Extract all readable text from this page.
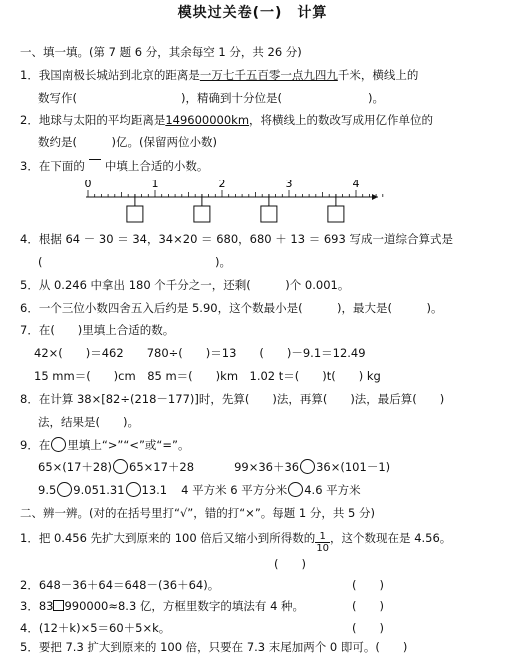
模块过关卷(一)　计算
一、填一填。(第 7 题 6 分，其余每空 1 分，共 26 分)
1．我国南极长城站到北京的距离是一万七千五百零一点九四九千米，横线上的
数写作(	)，精确到十分位是(	)。
2．地球与太阳的平均距离是149600000km，将横线上的数改写成用亿作单位的
数约是(　　　)亿。(保留两位小数)
3．在下面的 中填上合适的小数。
0	1	2	3	4
4．根据 64 － 30 ＝ 34，34×20 ＝ 680，680 ＋ 13 ＝ 693 写成一道综合算式是
(　　　　　　　　　　　　　　　)。
5．从 0.246 中拿出 180 个千分之一，还剩(　　　)个 0.001。
6．一个三位小数四舍五入后约是 5.90，这个数最小是(　　　)，最大是(　　　)。
7．在(　　)里填上合适的数。
42×(　　)＝462　　780÷(　　)＝13　　(　　)－9.1＝12.49
15 mm＝(　　)cm　85 m＝(　　)km　1.02 t＝(　　)t(　　) kg
8．在计算 38×[82÷(218－177)]时，先算(　　)法，再算(　　)法，最后算(　　)
法，结果是(　　)。
9．在 里填上“>”“<”或“=”。
65×(17＋28) 65×17＋28	99×36＋36 36×(101－1)
9.5 9.051.31 13.1 4 平方米 6 平方分米 4.6 平方米
二、辨一辨。(对的在括号里打“√”，错的打“×”。每题 1 分，共 5 分)
1．把 0.456 先扩大到原来的 100 倍后又缩小到所得数的 $\frac{1}{10}$ ，这个数现在是 4.56。
(　　)
2．648－36＋64＝648－(36＋64)。	(　　)
3．83 990000≈8.3 亿，方框里数字的填法有 4 种。	(　　)
4．(12＋k)×5＝60＋5×k。	(　　)
5．要把 7.3 扩大到原来的 100 倍，只要在 7.3 末尾加两个 0 即可。(　　)
